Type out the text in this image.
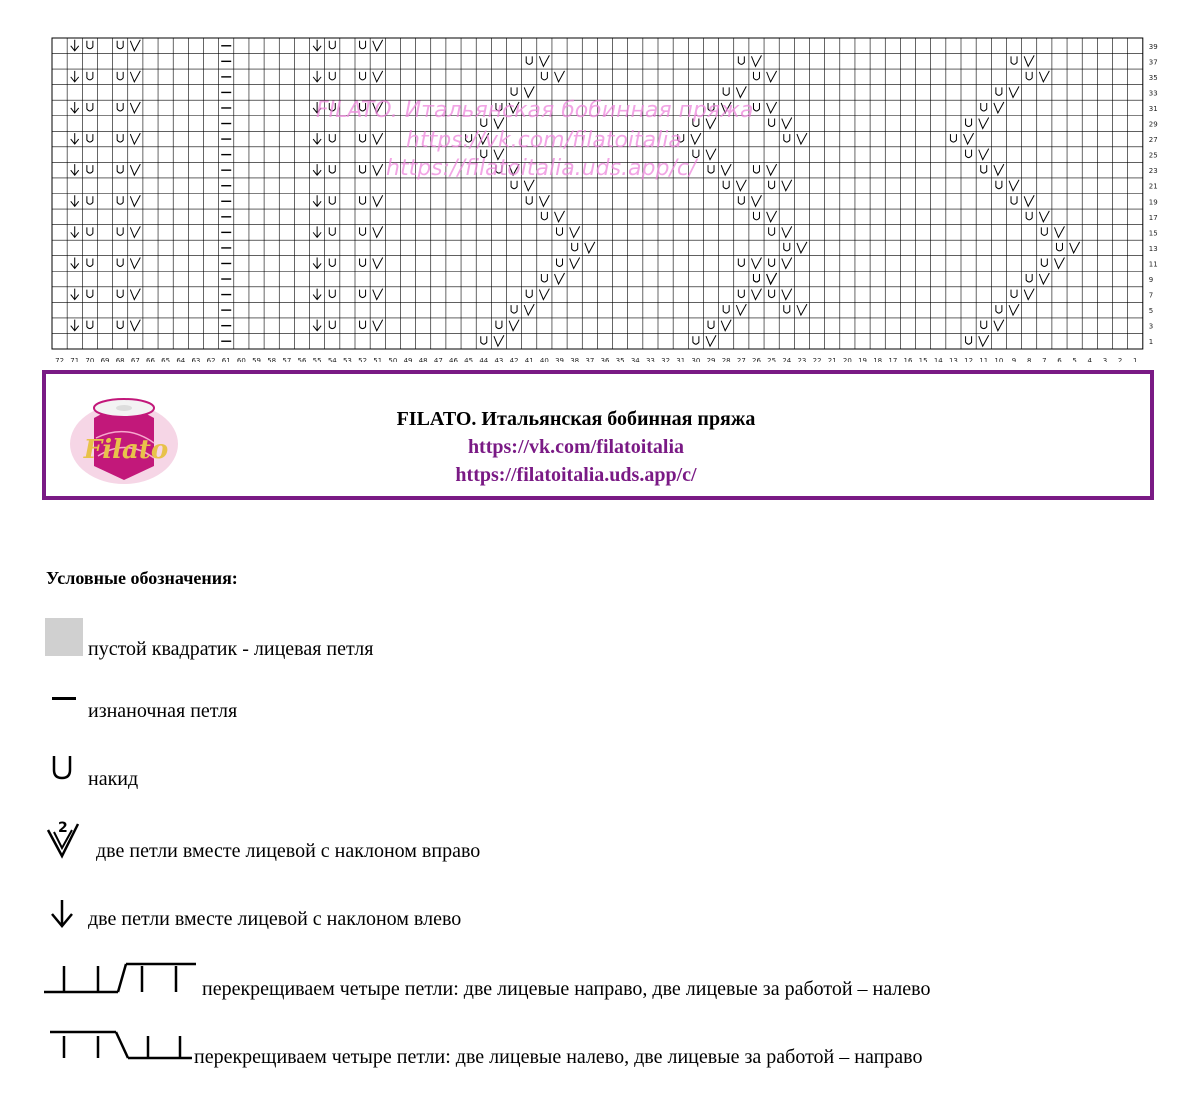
72 71 70 69 68 67 66 65 64 63 62 61 60 59 58 57 56 55 54 53 52 51 50 49 48 47 46 45 44 43 42 41 40 39 38 37 36 35 34 33 32 31 30 29 28 27 26 25 24 23 22 21 20 19 18 17 16 15 14 13 12 11 10 9 8 7 6 5 4 3 2 1
39
37
35
33
31
29
27
25
23
21
19
17
15
13
11
9
7
5
3
1
FILATO. Итальянская бобинная пряжа
https://vk.com/filatoitalia
https://filatoitalia.uds.app/c/
Filato
FILATO. Итальянская бобинная пряжа
https://vk.com/filatoitalia
https://filatoitalia.uds.app/c/
Условные обозначения:
пустой квадратик - лицевая петля
изнаночная петля
накид
2
две петли вместе лицевой с наклоном вправо
две петли вместе лицевой с наклоном влево
перекрещиваем четыре петли: две лицевые направо, две лицевые за работой – налево
перекрещиваем четыре петли: две лицевые налево, две лицевые за работой – направо
